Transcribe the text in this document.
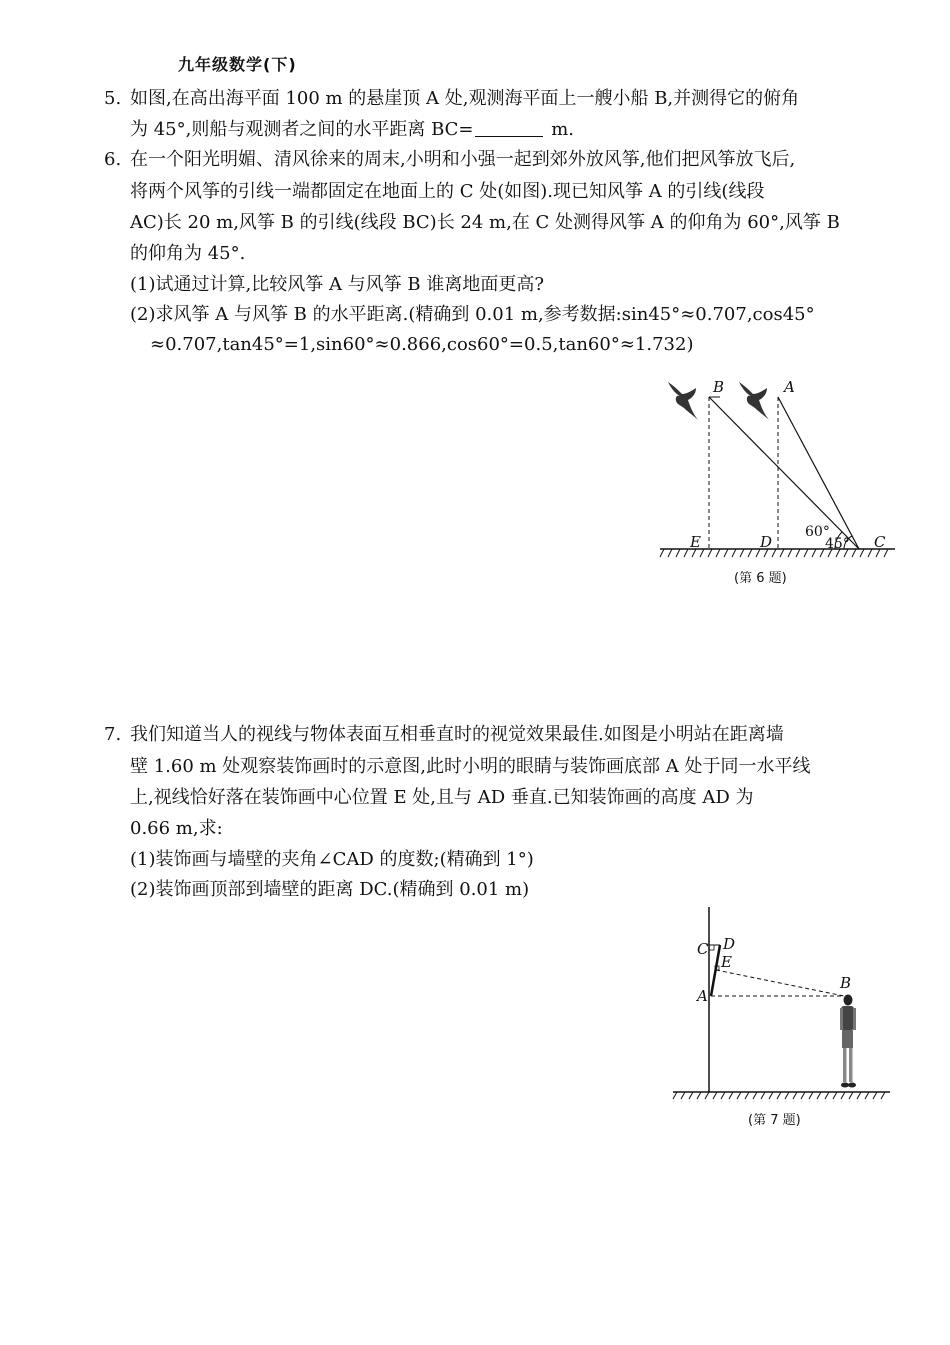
九年级数学(下)
5. 如图,在高出海平面 100 m 的悬崖顶 A 处,观测海平面上一艘小船 B,并测得它的俯角
为 45°,则船与观测者之间的水平距离 BC=	m.
6. 在一个阳光明媚、清风徐来的周末,小明和小强一起到郊外放风筝,他们把风筝放飞后,
将两个风筝的引线一端都固定在地面上的 C 处(如图).现已知风筝 A 的引线(线段
AC)长 20 m,风筝 B 的引线(线段 BC)长 24 m,在 C 处测得风筝 A 的仰角为 60°,风筝 B
的仰角为 45°.
(1)试通过计算,比较风筝 A 与风筝 B 谁离地面更高?
(2)求风筝 A 与风筝 B 的水平距离.(精确到 0.01 m,参考数据:sin45°≈0.707,cos45°
≈0.707,tan45°=1,sin60°≈0.866,cos60°=0.5,tan60°≈1.732)
B	A
E	D	C
60°
45°
(第 6 题)
7. 我们知道当人的视线与物体表面互相垂直时的视觉效果最佳.如图是小明站在距离墙
壁 1.60 m 处观察装饰画时的示意图,此时小明的眼睛与装饰画底部 A 处于同一水平线
上,视线恰好落在装饰画中心位置 E 处,且与 AD 垂直.已知装饰画的高度 AD 为
0.66 m,求:
(1)装饰画与墙壁的夹角∠CAD 的度数;(精确到 1°)
(2)装饰画顶部到墙壁的距离 DC.(精确到 0.01 m)
C D
E
A
B
(第 7 题)
